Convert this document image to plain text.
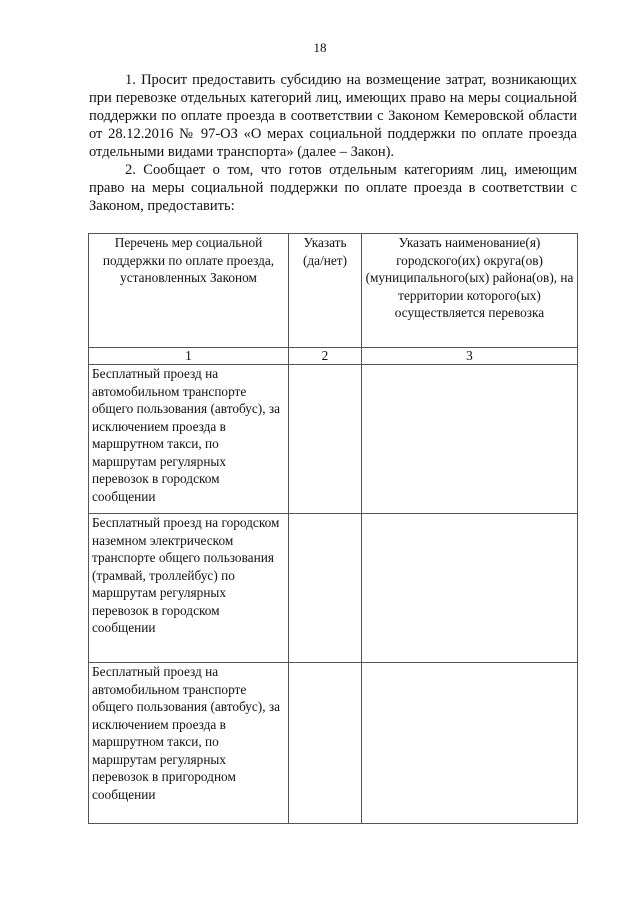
18

1. Просит предоставить субсидию на возмещение затрат, возникающих при перевозке отдельных категорий лиц, имеющих право на меры социальной поддержки по оплате проезда в соответствии с Законом Кемеровской области от 28.12.2016 № 97-ОЗ «О мерах социальной поддержки по оплате проезда отдельными видами транспорта» (далее – Закон).

2. Сообщает о том, что готов отдельным категориям лиц, имеющим право на меры социальной поддержки по оплате проезда в соответствии с Законом, предоставить:

Перечень мер социальной поддержки по оплате проезда, установленных Законом	Указать (да/нет)	Указать наименование(я) городского(их) округа(ов) (муниципального(ых) района(ов), на территории которого(ых) осуществляется перевозка
1	2	3
Бесплатный проезд на автомобильном транспорте общего пользования (автобус), за исключением проезда в маршрутном такси, по маршрутам регулярных перевозок в городском сообщении		
Бесплатный проезд на городском наземном электрическом транспорте общего пользования (трамвай, троллейбус) по маршрутам регулярных перевозок в городском сообщении		
Бесплатный проезд на автомобильном транспорте общего пользования (автобус), за исключением проезда в маршрутном такси, по маршрутам регулярных перевозок в пригородном сообщении		
